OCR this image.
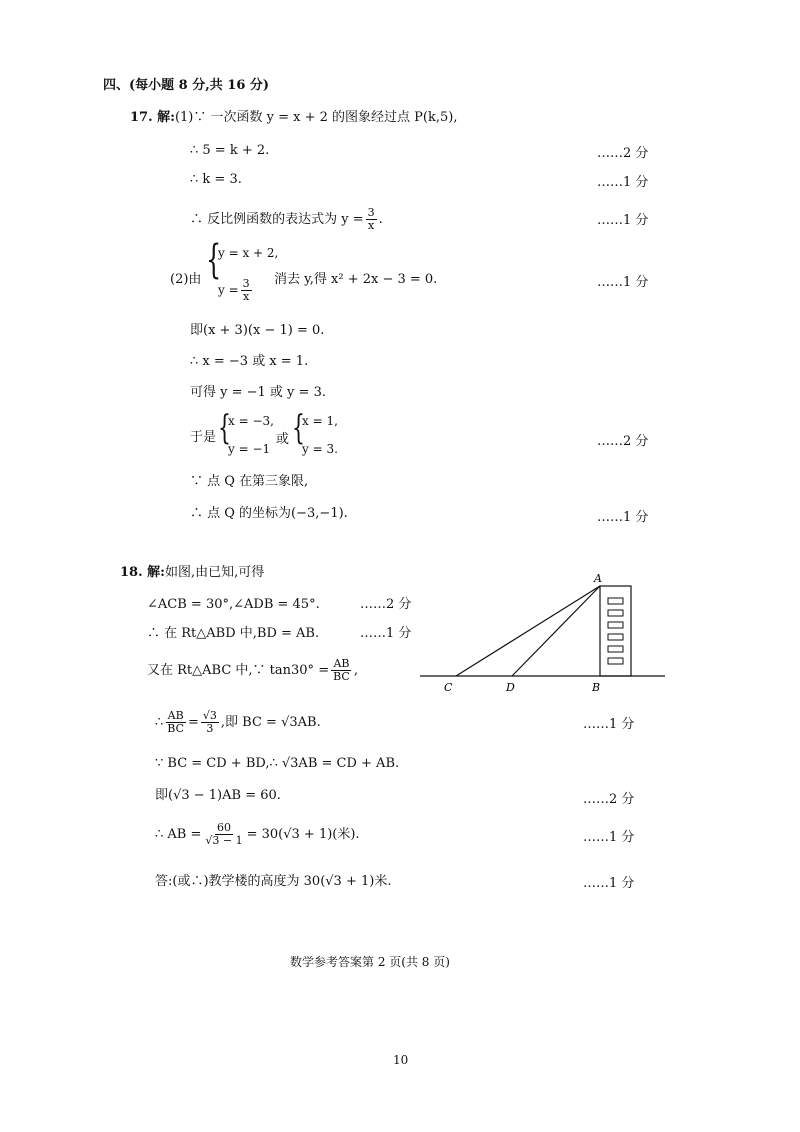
四、(每小题 8 分,共 16 分)
17. 解:(1)∵ 一次函数 y = x + 2 的图象经过点 P(k,5),
∴ 5 = k + 2.	……2 分
∴ k = 3.	……1 分
∴ 反比例函数的表达式为 $y = \frac{3}{x}$ .	……1 分
(2)由 {
y = x + 2,
$y = \frac{3}{x}$ 消去 y,得 x² + 2x − 3 = 0.	……1 分
即(x + 3)(x − 1) = 0.
∴ x = −3 或 x = 1.
可得 y = −1 或 y = 3.
于是 {
x = −3,
y = −1
或 {
x = 1,
y = 3.	……2 分
∵ 点 Q 在第三象限,
∴ 点 Q 的坐标为(−3,−1).	……1 分
18. 解:如图,由已知,可得
∠ACB = 30°,∠ADB = 45°.	……2 分
∴ 在 Rt△ABD 中,BD = AB.	……1 分
又在 Rt△ABC 中,∵ $\tan 30^\circ = \frac{AB}{BC}$ ,
A
B
C	D
∴ $\frac{AB}{BC} = \frac{√3}{3}$ ,即 BC = √3AB.	……1 分
∵ BC = CD + BD,∴ √3AB = CD + AB.
即(√3 − 1)AB = 60.	……2 分
∴ AB = $\frac{60}{√3 - 1} = 30(√3 + 1)$(米).	……1 分
答:(或∴)教学楼的高度为 30(√3 + 1)米.	……1 分
数学参考答案第 2 页(共 8 页)
10
